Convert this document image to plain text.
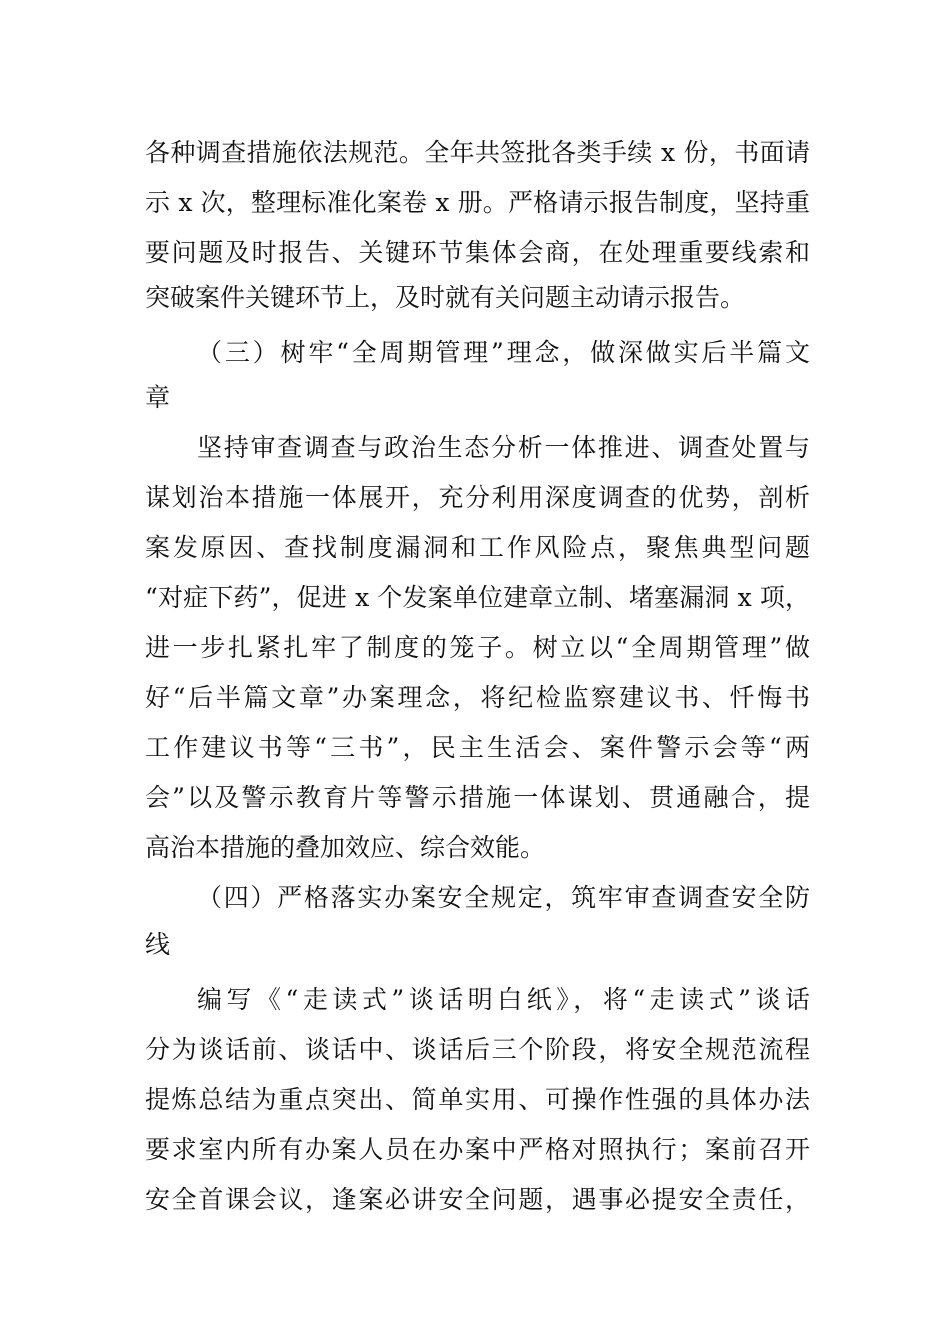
各种调查措施依法规范。全年共签批各类手续 x 份，书面请
示 x 次，整理标准化案卷 x 册。严格请示报告制度，坚持重
要问题及时报告、关键环节集体会商，在处理重要线索和
突破案件关键环节上，及时就有关问题主动请示报告。
（三）树牢“全周期管理”理念，做深做实后半篇文
章
坚持审查调查与政治生态分析一体推进、调查处置与
谋划治本措施一体展开，充分利用深度调查的优势，剖析
案发原因、查找制度漏洞和工作风险点，聚焦典型问题
“对症下药”，促进 x 个发案单位建章立制、堵塞漏洞 x 项，
进一步扎紧扎牢了制度的笼子。树立以“全周期管理”做
好“后半篇文章”办案理念，将纪检监察建议书、忏悔书
工作建议书等“三书”，民主生活会、案件警示会等“两
会”以及警示教育片等警示措施一体谋划、贯通融合，提
高治本措施的叠加效应、综合效能。
（四）严格落实办案安全规定，筑牢审查调查安全防
线
编写《“走读式”谈话明白纸》，将“走读式”谈话
分为谈话前、谈话中、谈话后三个阶段，将安全规范流程
提炼总结为重点突出、简单实用、可操作性强的具体办法
要求室内所有办案人员在办案中严格对照执行；案前召开
安全首课会议，逢案必讲安全问题，遇事必提安全责任，
